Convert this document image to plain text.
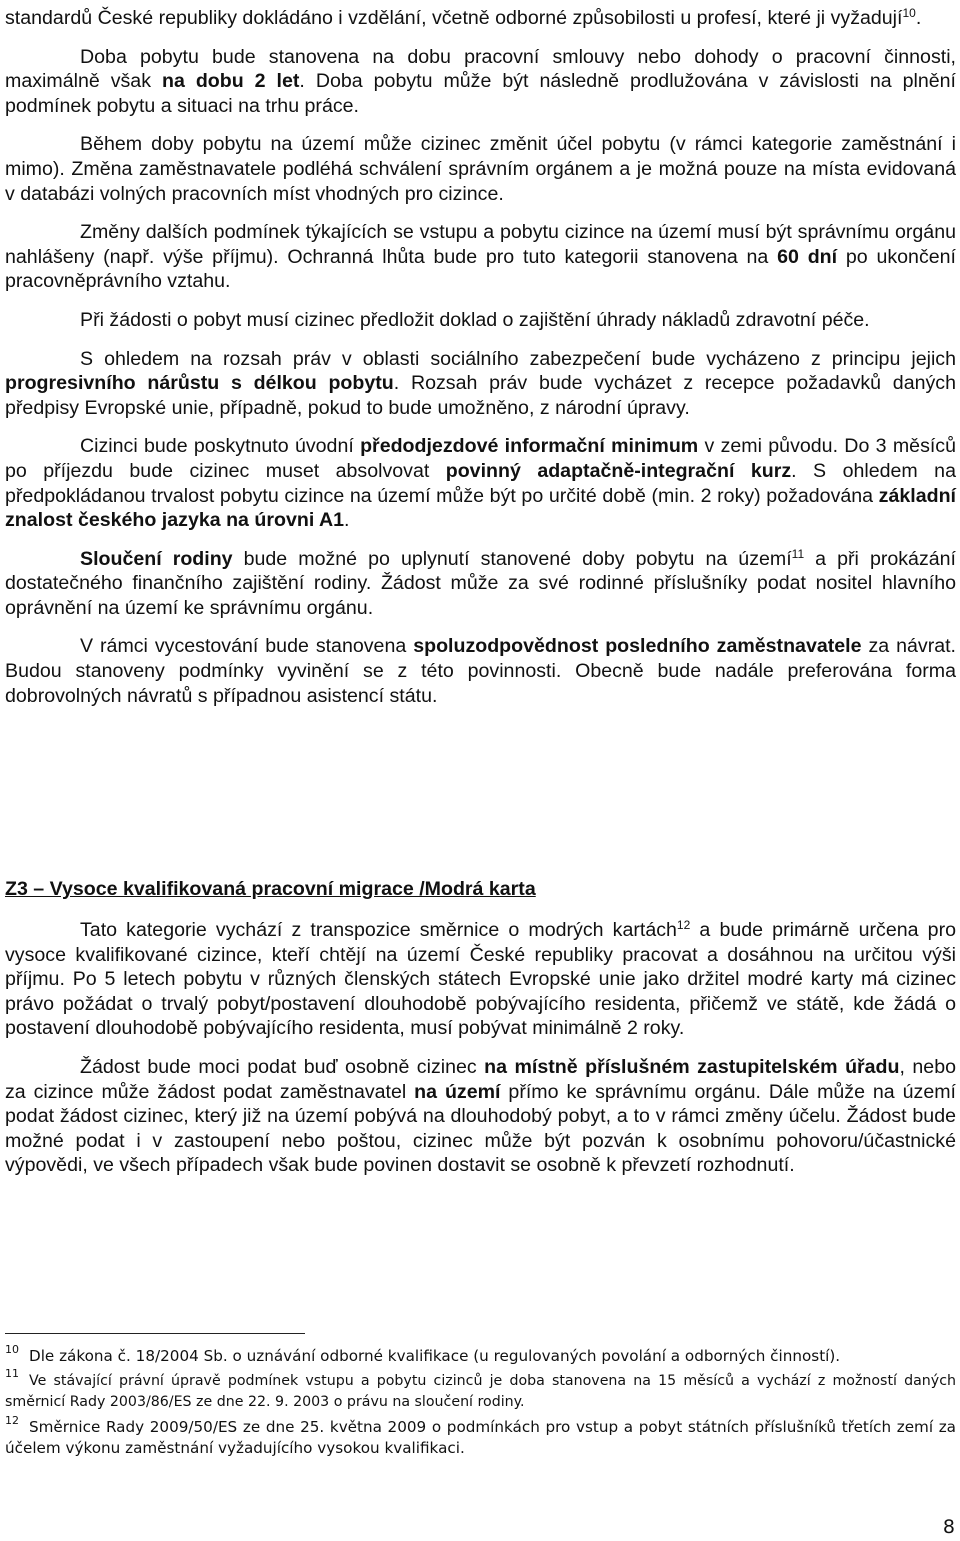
standardů České republiky dokládáno i vzdělání, včetně odborné způsobilosti u profesí, které ji vyžadují$^{10}$.

Doba pobytu bude stanovena na dobu pracovní smlouvy nebo dohody o pracovní činnosti, maximálně však na dobu 2 let. Doba pobytu může být následně prodlužována v závislosti na plnění podmínek pobytu a situaci na trhu práce.

Během doby pobytu na území může cizinec změnit účel pobytu (v rámci kategorie zaměstnání i mimo). Změna zaměstnavatele podléhá schválení správním orgánem a je možná pouze na místa evidovaná v databázi volných pracovních míst vhodných pro cizince.

Změny dalších podmínek týkajících se vstupu a pobytu cizince na území musí být správnímu orgánu nahlášeny (např. výše příjmu). Ochranná lhůta bude pro tuto kategorii stanovena na 60 dní po ukončení pracovněprávního vztahu.

Při žádosti o pobyt musí cizinec předložit doklad o zajištění úhrady nákladů zdravotní péče.

S ohledem na rozsah práv v oblasti sociálního zabezpečení bude vycházeno z principu jejich progresivního nárůstu s délkou pobytu. Rozsah práv bude vycházet z recepce požadavků daných předpisy Evropské unie, případně, pokud to bude umožněno, z národní úpravy.

Cizinci bude poskytnuto úvodní předodjezdové informační minimum v zemi původu. Do 3 měsíců po příjezdu bude cizinec muset absolvovat povinný adaptačně-integrační kurz. S ohledem na předpokládanou trvalost pobytu cizince na území může být po určité době (min. 2 roky) požadována základní znalost českého jazyka na úrovni A1.

Sloučení rodiny bude možné po uplynutí stanovené doby pobytu na území$^{11}$ a při prokázání dostatečného finančního zajištění rodiny. Žádost může za své rodinné příslušníky podat nositel hlavního oprávnění na území ke správnímu orgánu.

V rámci vycestování bude stanovena spoluzodpovědnost posledního zaměstnavatele za návrat. Budou stanoveny podmínky vyvinění se z této povinnosti. Obecně bude nadále preferována forma dobrovolných návratů s případnou asistencí státu.

Z3 – Vysoce kvalifikovaná pracovní migrace /Modrá karta

Tato kategorie vychází z transpozice směrnice o modrých kartách$^{12}$ a bude primárně určena pro vysoce kvalifikované cizince, kteří chtějí na území České republiky pracovat a dosáhnou na určitou výši příjmu. Po 5 letech pobytu v různých členských státech Evropské unie jako držitel modré karty má cizinec právo požádat o trvalý pobyt/postavení dlouhodobě pobývajícího residenta, přičemž ve státě, kde žádá o postavení dlouhodobě pobývajícího residenta, musí pobývat minimálně 2 roky.

Žádost bude moci podat buď osobně cizinec na místně příslušném zastupitelském úřadu, nebo za cizince může žádost podat zaměstnavatel na území přímo ke správnímu orgánu. Dále může na území podat žádost cizinec, který již na území pobývá na dlouhodobý pobyt, a to v rámci změny účelu. Žádost bude možné podat i v zastoupení nebo poštou, cizinec může být pozván k osobnímu pohovoru/účastnické výpovědi, ve všech případech však bude povinen dostavit se osobně k převzetí rozhodnutí.

$^{10}$ Dle zákona č. 18/2004 Sb. o uznávání odborné kvalifikace (u regulovaných povolání a odborných činností).

$^{11}$ Ve stávající právní úpravě podmínek vstupu a pobytu cizinců je doba stanovena na 15 měsíců a vychází z možností daných směrnicí Rady 2003/86/ES ze dne 22. 9. 2003 o právu na sloučení rodiny.

$^{12}$ Směrnice Rady 2009/50/ES ze dne 25. května 2009 o podmínkách pro vstup a pobyt státních příslušníků třetích zemí za účelem výkonu zaměstnání vyžadujícího vysokou kvalifikaci.

8
